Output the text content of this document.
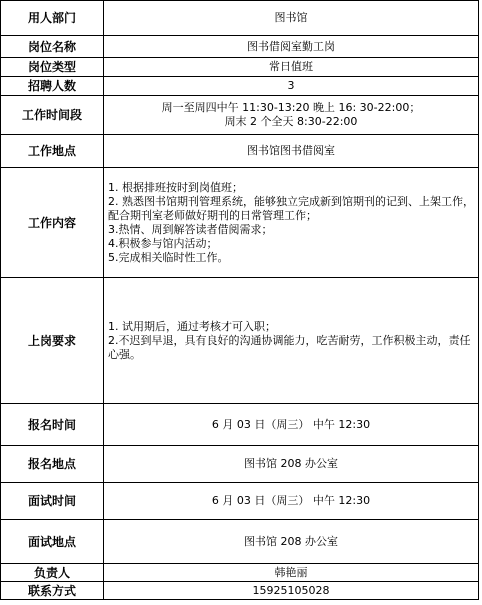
用人部门	图书馆
岗位名称	图书借阅室勤工岗
岗位类型	常日值班
招聘人数	3
工作时间段	周一至周四中午 11:30-13:20 晚上 16: 30-22:00；
周末 2 个全天 8:30-22:00

工作地点	图书馆图书借阅室
工作内容	1. 根据排班按时到岗值班；
2. 熟悉图书馆期刊管理系统，能够独立完成新到馆期刊的记到、上架工作，配合期刊室老师做好期刊的日常管理工作；
3.热情、周到解答读者借阅需求；
4.积极参与馆内活动；
5.完成相关临时性工作。

上岗要求	1. 试用期后，通过考核才可入职；
2.不迟到早退，具有良好的沟通协调能力，吃苦耐劳，工作积极主动，责任心强。

报名时间	6 月 03 日（周三） 中午 12:30
报名地点	图书馆 208 办公室
面试时间	6 月 03 日（周三） 中午 12:30
面试地点	图书馆 208 办公室
负责人	韩艳丽
联系方式	15925105028
